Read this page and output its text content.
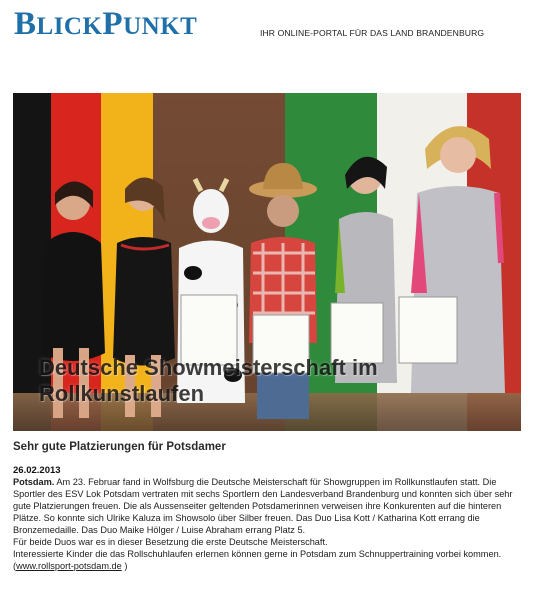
BLICKPUNKT	IHR ONLINE-PORTAL FÜR DAS LAND BRANDENBURG
Deutsche Showmeisterschaft im Rollkunstlaufen
Sehr gute Platzierungen für Potsdamer
26.02.2013

Potsdam. Am 23. Februar fand in Wolfsburg die Deutsche Meisterschaft für Showgruppen im Rollkunstlaufen statt. Die Sportler des ESV Lok Potsdam vertraten mit sechs Sportlern den Landesverband Brandenburg und konnten sich über sehr gute Platzierungen freuen. Die als Aussenseiter geltenden Potsdamerinnen verweisen ihre Konkurenten auf die hinteren Plätze. So konnte sich Ulrike Kaluza im Showsolo über Silber freuen. Das Duo Lisa Kott / Katharina Kott errang die Bronzemedaille. Das Duo Maike Hölger / Luise Abraham errang Platz 5.

Für beide Duos war es in dieser Besetzung die erste Deutsche Meisterschaft.

Interessierte Kinder die das Rollschuhlaufen erlernen können gerne in Potsdam zum Schnuppertraining vorbei kommen.
(www.rollsport-potsdam.de )
